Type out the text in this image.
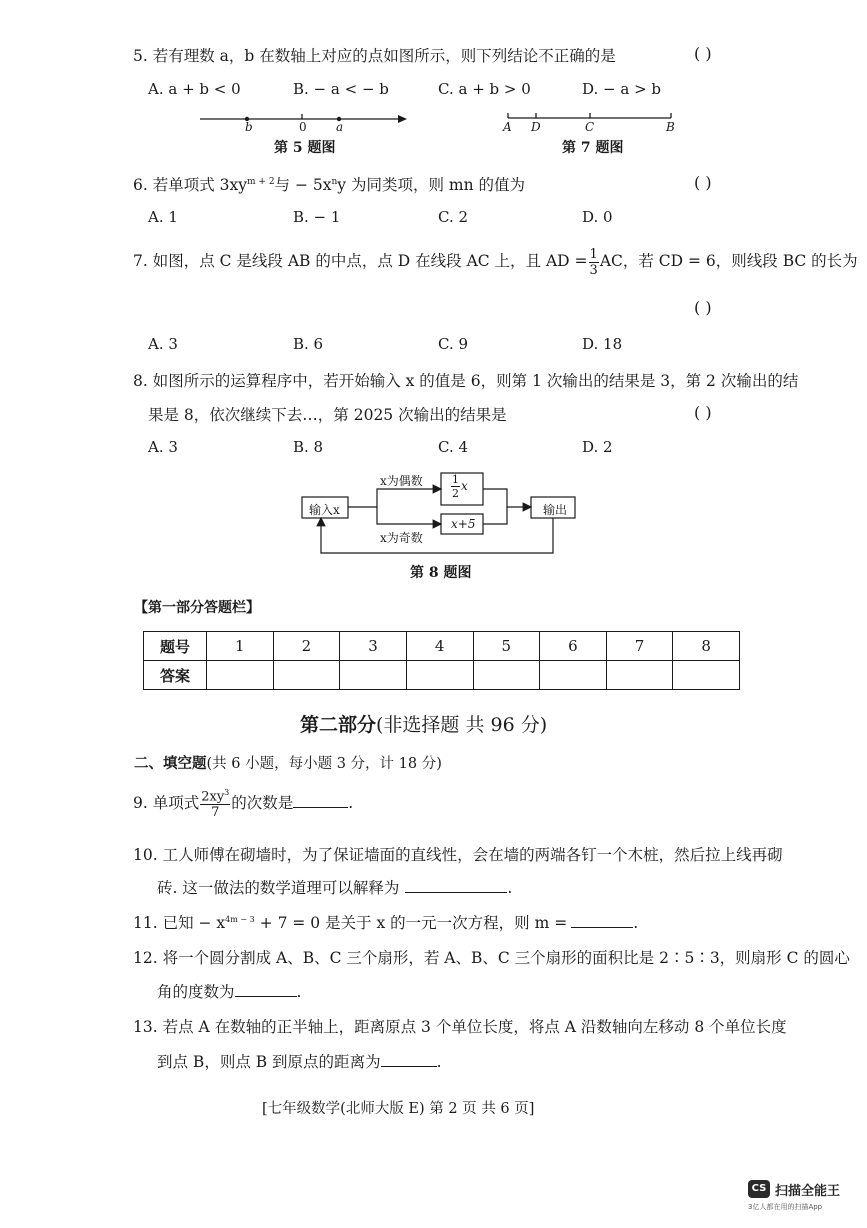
5. 若有理数 a，b 在数轴上对应的点如图所示，则下列结论不正确的是	( )
A. a + b < 0	B. − a < − b	C. a + b > 0	D. − a > b
b	0 a
第 5 题图
A D	C	B
第 7 题图
6. 若单项式 $3xy^{m + 2}$与 − $5x^ny$ 为同类项，则 mn 的值为	( )
A. 1	B. − 1	C. 2	D. 0
7. 如图，点 C 是线段 AB 的中点，点 D 在线段 AC 上，且 AD = $\frac{1}{3}$ AC，若 CD = 6，则线段 BC 的长为
( )
A. 3	B. 6	C. 9	D. 18
8. 如图所示的运算程序中，若开始输入 x 的值是 6，则第 1 次输出的结果是 3，第 2 次输出的结
果是 8，依次继续下去…，第 2025 次输出的结果是	( )
A. 3	B. 8	C. 4	D. 2
输入x
x为偶数
x为奇数
$\frac{1}{2}$ x
x+5
输出
第 8 题图
【第一部分答题栏】
题号	1	2	3	4	5	6	7	8
答案								
第二部分(非选择题 共 96 分)
二、填空题(共 6 小题，每小题 3 分，计 18 分)
9. 单项式 $\frac{2xy^3}{7}$ 的次数是	.
10. 工人师傅在砌墙时，为了保证墙面的直线性，会在墙的两端各钉一个木桩，然后拉上线再砌
砖. 这一做法的数学道理可以解释为	.
11. 已知 − $x^{4m - 3} + 7 = 0$ 是关于 x 的一元一次方程，则 m =	.
12. 将一个圆分割成 A、B、C 三个扇形，若 A、B、C 三个扇形的面积比是 2∶5∶3，则扇形 C 的圆心
角的度数为	.
13. 若点 A 在数轴的正半轴上，距离原点 3 个单位长度，将点 A 沿数轴向左移动 8 个单位长度
到点 B，则点 B 到原点的距离为	.
[七年级数学(北师大版 E) 第 2 页 共 6 页]
CS 扫描全能王
3亿人都在用的扫描App
